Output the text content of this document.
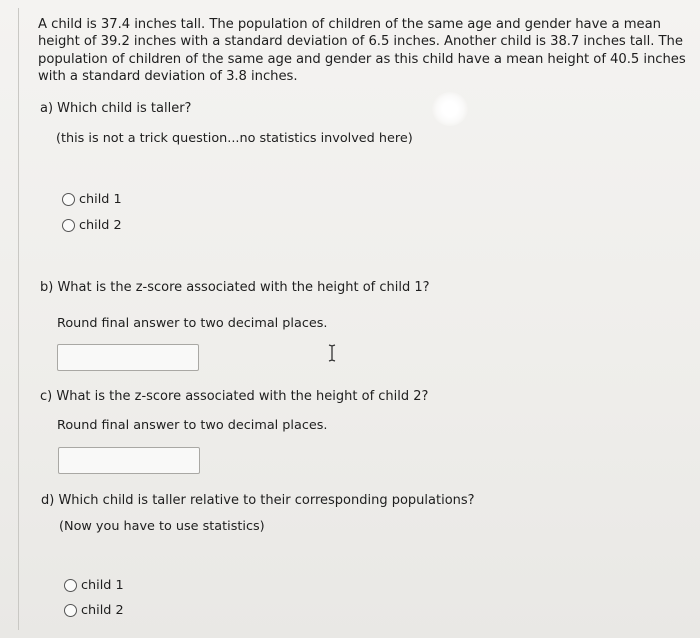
A child is 37.4 inches tall. The population of children of the same age and gender have a mean height of 39.2 inches with a standard deviation of 6.5 inches. Another child is 38.7 inches tall. The population of children of the same age and gender as this child have a mean height of 40.5 inches with a standard deviation of 3.8 inches.

a) Which child is taller?
(this is not a trick question...no statistics involved here)
child 1
child 2
b) What is the z-score associated with the height of child 1?
Round final answer to two decimal places.
c) What is the z-score associated with the height of child 2?
Round final answer to two decimal places.
d) Which child is taller relative to their corresponding populations?
(Now you have to use statistics)
child 1
child 2
